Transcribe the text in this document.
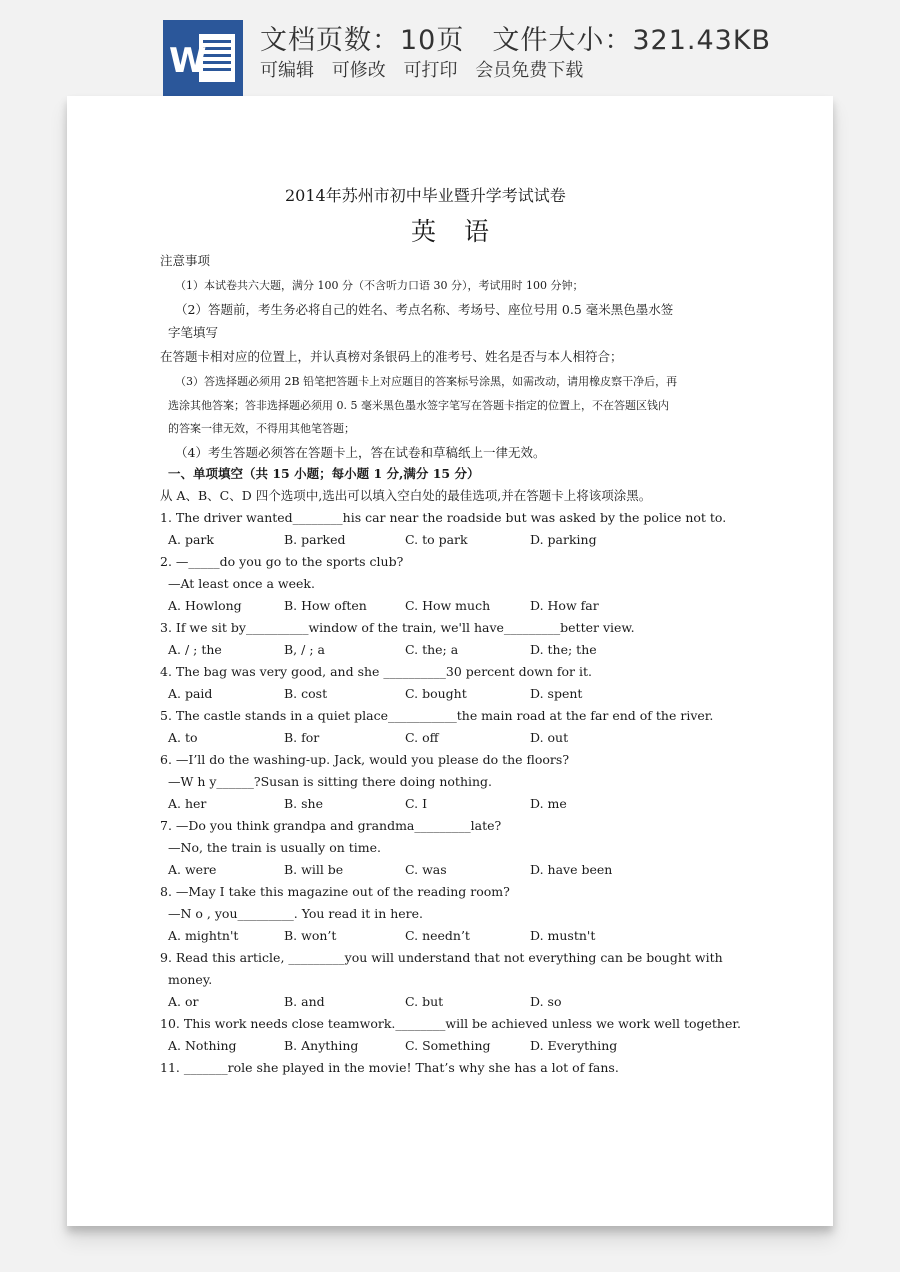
W
文档页数：10页 文件大小：321.43KB
可编辑 可修改 可打印 会员免费下载
2014年苏州市初中毕业暨升学考试试卷
英 语
注意事项
（1）本试卷共六大题，满分 100 分（不含听力口语 30 分），考试用时 100 分钟；
（2）答题前，考生务必将自己的姓名、考点名称、考场号、座位号用 0.5 毫米黑色墨水签
字笔填写
在答题卡相对应的位置上，并认真榜对条银码上的准考号、姓名是否与本人相符合；
（3）答选择题必须用 2B 铅笔把答题卡上对应题目的答案标号涂黑，如需改动，请用橡皮察干净后，再
选涂其他答案；答非选择题必须用 0. 5 毫米黑色墨水签字笔写在答题卡指定的位置上，不在答题区钱内
的答案一律无效，不得用其他笔答题；
（4）考生答题必须答在答题卡上，答在试卷和草稿纸上一律无效。
一、单项填空（共 15 小题；每小题 1 分,满分 15 分）
从 A、B、C、D 四个选项中,选出可以填入空白处的最佳选项,并在答题卡上将该项涂黑。
1. The driver wanted________his car near the roadside but was asked by the police not to.
A. park	B. parked	C. to park	D. parking
2. —_____do you go to the sports club?
—At least once a week.
A. Howlong	B. How often	C. How much	D. How far
3. If we sit by__________window of the train, we'll have_________better view.
A. / ; the	B, / ; a	C. the; a	D. the; the
4. The bag was very good, and she __________30 percent down for it.
A. paid	B. cost	C. bought	D. spent
5. The castle stands in a quiet place___________the main road at the far end of the river.
A. to	B. for	C. off	D. out
6. —I’ll do the washing-up. Jack, would you please do the floors?
—W h y______?Susan is sitting there doing nothing.
A. her	B. she	C. I	D. me
7. —Do you think grandpa and grandma_________late?
—No, the train is usually on time.
A. were	B. will be	C. was	D. have been
8. —May I take this magazine out of the reading room?
—N o , you_________. You read it in here.
A. mightn't	B. won’t	C. needn’t	D. mustn't
9. Read this article, _________you will understand that not everything can be bought with
money.
A. or	B. and	C. but	D. so
10. This work needs close teamwork.________will be achieved unless we work well together.
A. Nothing	B. Anything	C. Something	D. Everything
11. _______role she played in the movie! That’s why she has a lot of fans.
